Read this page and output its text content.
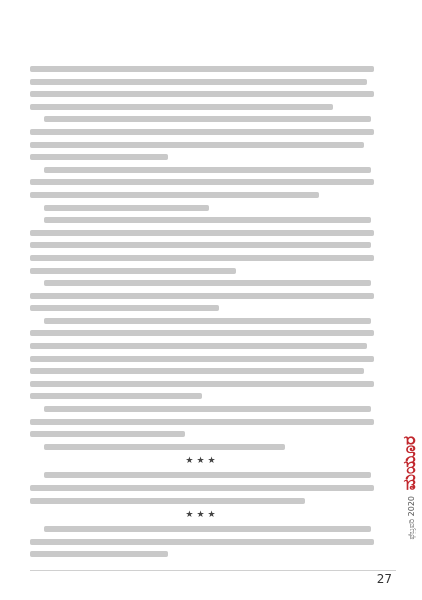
★★★
★★★
ಮಯೂರ
ಫೆಬ್ರವರಿ 2020
27
